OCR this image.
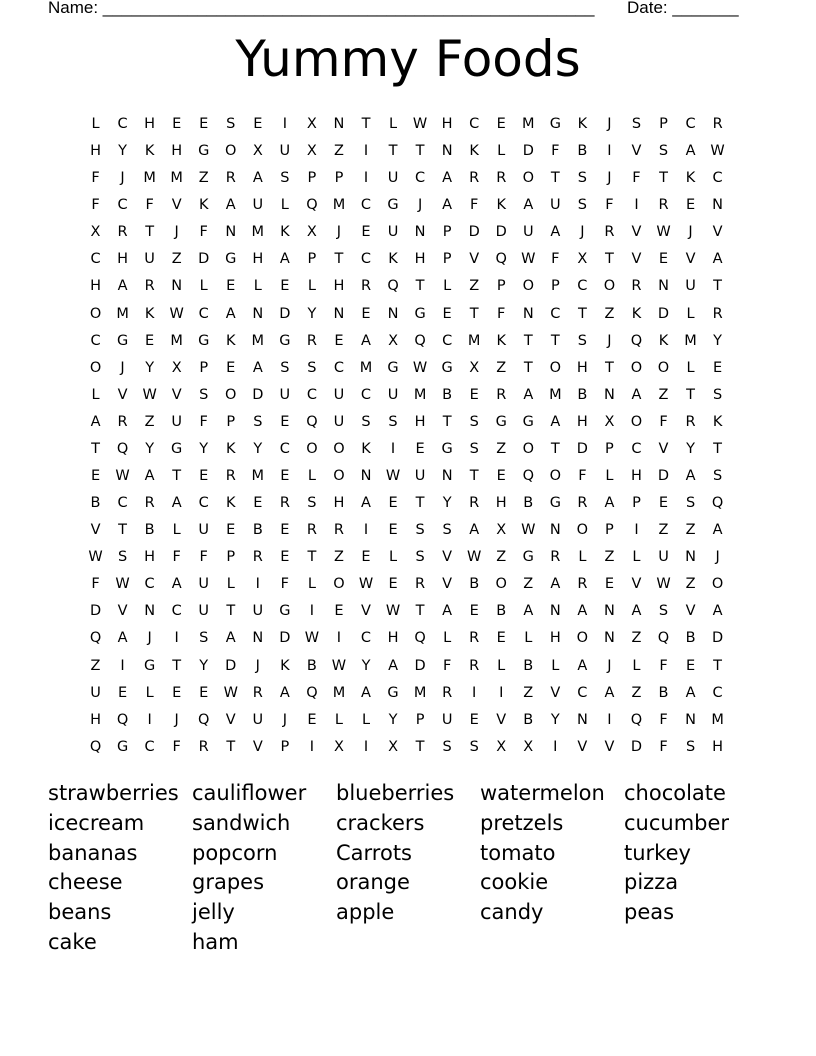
Name: ____________________________________________________ Date: _______
Yummy Foods
L	C	H	E	E	S	E	I	X	N	T	L	W H	C	E	M	G	K	J	S	P	C	R
H	Y	K	H	G	O	X	U	X	Z	I	T	T	N	K	L	D	F	B	I	V	S	A	W
F	J	M	M	Z	R	A	S	P	P	I	U	C	A	R	R	O	T	S	J	F	T	K	C
F	C	F	V	K	A	U	L	Q	M	C	G	J	A	F	K	A	U	S	F	I	R	E	N
X	R	T	J	F	N	M	K	X	J	E	U	N	P	D	D	U	A	J	R	V	W	J	V
C	H	U	Z	D	G	H	A	P	T	C	K	H	P	V	Q W	F	X	T	V	E	V	A
H	A	R	N	L	E	L	E	L	H	R	Q	T	L	Z	P	O	P	C	O	R	N	U	T
O	M	K	W	C	A	N	D	Y	N	E	N	G	E	T	F	N	C	T	Z	K	D	L	R
C	G	E	M	G	K	M	G	R	E	A	X	Q	C	M	K	T	T	S	J	Q	K	M	Y
O	J	Y	X	P	E	A	S	S	C	M	G W G	X	Z	T	O	H	T	O	O	L	E
L	V	W	V	S	O	D	U	C	U	C	U	M	B	E	R	A	M	B	N	A	Z	T	S
A	R	Z	U	F	P	S	E	Q	U	S	S	H	T	S	G	G	A	H	X	O	F	R	K
T	Q	Y	G	Y	K	Y	C	O	O	K	I	E	G	S	Z	O	T	D	P	C	V	Y	T
E	W	A	T	E	R	M	E	L	O	N W	U	N	T	E	Q	O	F	L	H	D	A	S
B	C	R	A	C	K	E	R	S	H	A	E	T	Y	R	H	B	G	R	A	P	E	S	Q
V	T	B	L	U	E	B	E	R	R	I	E	S	S	A	X	W N	O	P	I	Z	Z	A
W	S	H	F	F	P	R	E	T	Z	E	L	S	V	W	Z	G	R	L	Z	L	U	N	J
F	W	C	A	U	L	I	F	L	O W	E	R	V	B	O	Z	A	R	E	V	W	Z	O
D	V	N	C	U	T	U	G	I	E	V	W	T	A	E	B	A	N	A	N	A	S	V	A
Q	A	J	I	S	A	N	D W	I	C	H	Q	L	R	E	L	H	O	N	Z	Q	B	D
Z	I	G	T	Y	D	J	K	B	W	Y	A	D	F	R	L	B	L	A	J	L	F	E	T
U	E	L	E	E	W	R	A	Q	M	A	G	M	R	I	I	Z	V	C	A	Z	B	A	C
H	Q	I	J	Q	V	U	J	E	L	L	Y	P	U	E	V	B	Y	N	I	Q	F	N	M
Q	G	C	F	R	T	V	P	I	X	I	X	T	S	S	X	X	I	V	V	D	F	S	H
strawberries cauliflower	blueberries	watermelon chocolate
icecream	sandwich	crackers	pretzels	cucumber
bananas	popcorn	Carrots	tomato	turkey
cheese	grapes	orange	cookie	pizza
beans	jelly	apple	candy	peas
cake	ham
